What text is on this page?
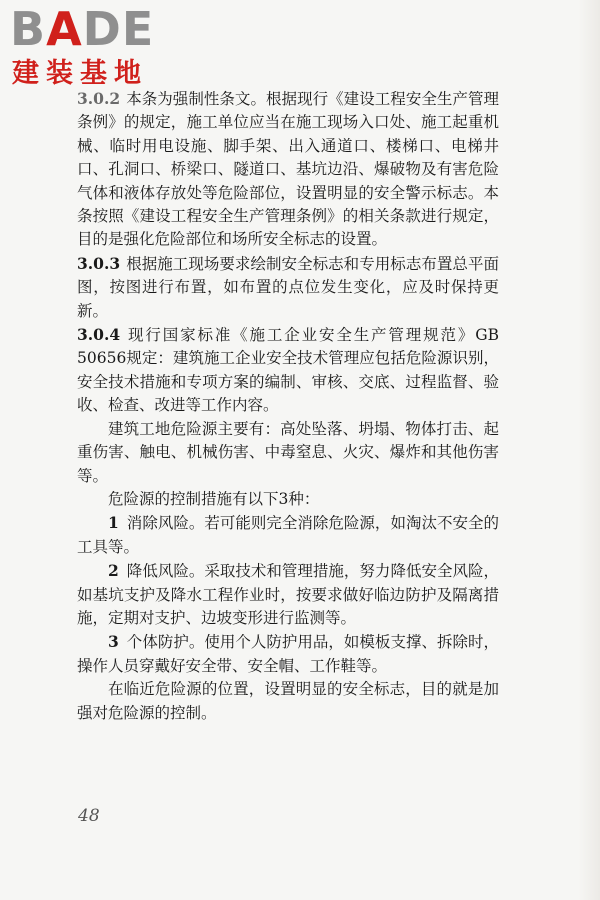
BADE
建装基地

3.0.2 本条为强制性条文。根据现行《建设工程安全生产管理条例》的规定，施工单位应当在施工现场入口处、施工起重机械、临时用电设施、脚手架、出入通道口、楼梯口、电梯井口、孔洞口、桥梁口、隧道口、基坑边沿、爆破物及有害危险气体和液体存放处等危险部位，设置明显的安全警示标志。本条按照《建设工程安全生产管理条例》的相关条款进行规定，目的是强化危险部位和场所安全标志的设置。

3.0.3 根据施工现场要求绘制安全标志和专用标志布置总平面图，按图进行布置，如布置的点位发生变化，应及时保持更新。

3.0.4 现行国家标准《施工企业安全生产管理规范》GB 50656规定：建筑施工企业安全技术管理应包括危险源识别，安全技术措施和专项方案的编制、审核、交底、过程监督、验收、检查、改进等工作内容。

建筑工地危险源主要有：高处坠落、坍塌、物体打击、起重伤害、触电、机械伤害、中毒窒息、火灾、爆炸和其他伤害等。

危险源的控制措施有以下3种：

1 消除风险。若可能则完全消除危险源，如淘汰不安全的工具等。

2 降低风险。采取技术和管理措施，努力降低安全风险，如基坑支护及降水工程作业时，按要求做好临边防护及隔离措施，定期对支护、边坡变形进行监测等。

3 个体防护。使用个人防护用品，如模板支撑、拆除时，操作人员穿戴好安全带、安全帽、工作鞋等。

在临近危险源的位置，设置明显的安全标志，目的就是加强对危险源的控制。

48
